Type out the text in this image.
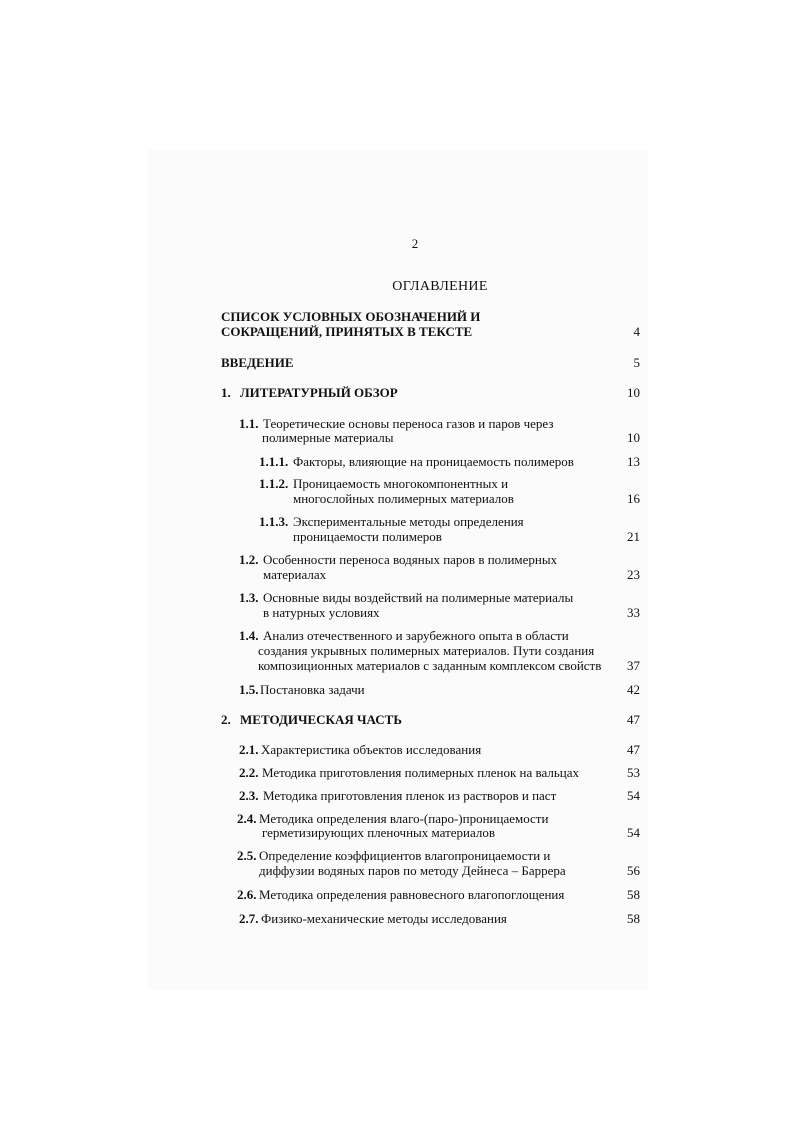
2
ОГЛАВЛЕНИЕ
СПИСОК УСЛОВНЫХ ОБОЗНАЧЕНИЙ И
СОКРАЩЕНИЙ, ПРИНЯТЫХ В ТЕКСТЕ	4
ВВЕДЕНИЕ	5
1. ЛИТЕРАТУРНЫЙ ОБЗОР	10
1.1. Теоретические основы переноса газов и паров через
полимерные материалы	10
1.1.1. Факторы, влияющие на проницаемость полимеров	13
1.1.2. Проницаемость многокомпонентных и
многослойных полимерных материалов	16
1.1.3. Экспериментальные методы определения
проницаемости полимеров	21
1.2. Особенности переноса водяных паров в полимерных
материалах	23
1.3. Основные виды воздействий на полимерные материалы
в натурных условиях	33
1.4. Анализ отечественного и зарубежного опыта в области
создания укрывных полимерных материалов. Пути создания
композиционных материалов с заданным комплексом свойств	37
1.5. Постановка задачи	42
2. МЕТОДИЧЕСКАЯ ЧАСТЬ	47
2.1. Характеристика объектов исследования	47
2.2. Методика приготовления полимерных пленок на вальцах	53
2.3. Методика приготовления пленок из растворов и паст	54
2.4. Методика определения влаго-(паро-)проницаемости
герметизирующих пленочных материалов	54
2.5. Определение коэффициентов влагопроницаемости и
диффузии водяных паров по методу Дейнеса – Баррера	56
2.6. Методика определения равновесного влагопоглощения	58
2.7. Физико-механические методы исследования	58
